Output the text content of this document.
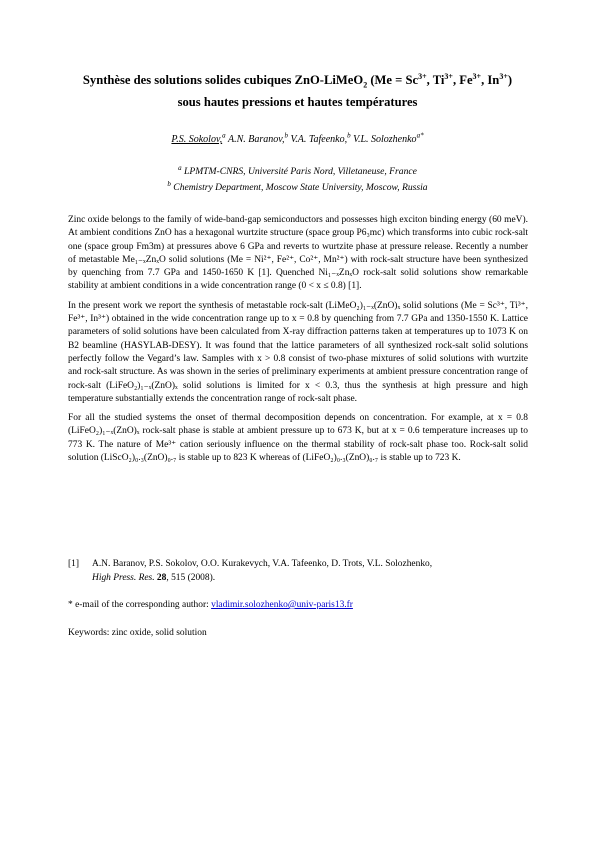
Synthèse des solutions solides cubiques ZnO-LiMeO$_2$ ($Me = Sc^{3+}$, $Ti^{3+}$, $Fe^{3+}$, $In^{3+}$)
sous hautes pressions et hautes températures
P.S. Sokolov,$^a$ A.N. Baranov,$^b$ V.A. Tafeenko,$^b$ V.L. Solozhenko$^{a*}$
$^a$ LPMTM-CNRS, Université Paris Nord, Villetaneuse, France
$^b$ Chemistry Department, Moscow State University, Moscow, Russia

Zinc oxide belongs to the family of wide-band-gap semiconductors and possesses high exciton binding energy (60 meV). At ambient conditions ZnO has a hexagonal wurtzite structure (space group P6₃mc) which transforms into cubic rock-salt one (space group Fm3m) at pressures above 6 GPa and reverts to wurtzite phase at pressure release. Recently a number of metastable Me₁₋ₓZnₓO solid solutions (Me = Ni²⁺, Fe²⁺, Co²⁺, Mn²⁺) with rock-salt structure have been synthesized by quenching from 7.7 GPa and 1450-1650 K [1]. Quenched Ni₁₋ₓZnₓO rock-salt solid solutions show remarkable stability at ambient conditions in a wide concentration range (0 < x ≤ 0.8) [1].

In the present work we report the synthesis of metastable rock-salt (LiMeO₂)₁₋ₓ(ZnO)ₓ solid solutions (Me = Sc³⁺, Ti³⁺, Fe³⁺, In³⁺) obtained in the wide concentration range up to x = 0.8 by quenching from 7.7 GPa and 1350-1550 K. Lattice parameters of solid solutions have been calculated from X-ray diffraction patterns taken at temperatures up to 1073 K on B2 beamline (HASYLAB-DESY). It was found that the lattice parameters of all synthesized rock-salt solid solutions perfectly follow the Vegard’s law. Samples with x > 0.8 consist of two-phase mixtures of solid solutions with wurtzite and rock-salt structure. As was shown in the series of preliminary experiments at ambient pressure concentration range of rock-salt (LiFeO₂)₁₋ₓ(ZnO)ₓ solid solutions is limited for x < 0.3, thus the synthesis at high pressure and high temperature substantially extends the concentration range of rock-salt phase.

For all the studied systems the onset of thermal decomposition depends on concentration. For example, at x = 0.8 (LiFeO₂)₁₋ₓ(ZnO)ₓ rock-salt phase is stable at ambient pressure up to 673 K, but at x = 0.6 temperature increases up to 773 K. The nature of Me³⁺ cation seriously influence on the thermal stability of rock-salt phase too. Rock-salt solid solution (LiScO₂)₀.₃(ZnO)₀.₇ is stable up to 823 K whereas of (LiFeO₂)₀.₃(ZnO)₀.₇ is stable up to 723 K.

[1]	A.N. Baranov, P.S. Sokolov, O.O. Kurakevych, V.A. Tafeenko, D. Trots, V.L. Solozhenko,
High Press. Res. 28, 515 (2008).
* e-mail of the corresponding author: vladimir.solozhenko@univ-paris13.fr
Keywords: zinc oxide, solid solution
